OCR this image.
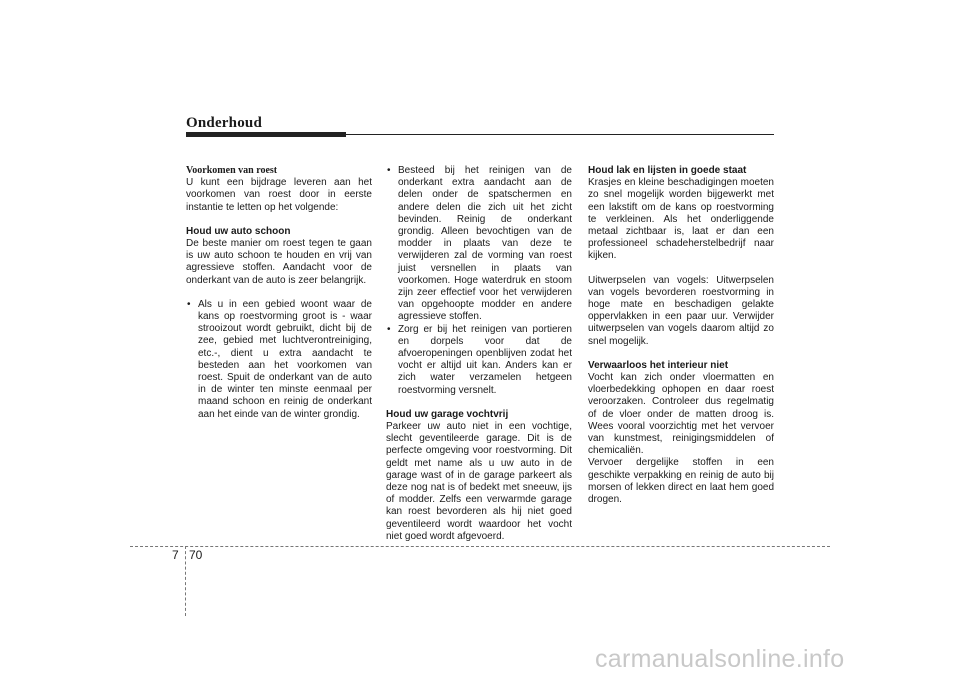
Onderhoud

Voorkomen van roest

U kunt een bijdrage leveren aan het voorkomen van roest door in eerste instantie te letten op het volgende:

Houd uw auto schoon

De beste manier om roest tegen te gaan is uw auto schoon te houden en vrij van agressieve stoffen. Aandacht voor de onderkant van de auto is zeer belangrijk.

• Als u in een gebied woont waar de kans op roestvorming groot is - waar strooizout wordt gebruikt, dicht bij de zee, gebied met luchtverontreiniging, etc.-, dient u extra aandacht te besteden aan het voorkomen van roest. Spuit de onderkant van de auto in de winter ten minste eenmaal per maand schoon en reinig de onderkant aan het einde van de winter grondig.
• Besteed bij het reinigen van de onderkant extra aandacht aan de delen onder de spatschermen en andere delen die zich uit het zicht bevinden. Reinig de onderkant grondig. Alleen bevochtigen van de modder in plaats van deze te verwijderen zal de vorming van roest juist versnellen in plaats van voorkomen. Hoge waterdruk en stoom zijn zeer effectief voor het verwijderen van opgehoopte modder en andere agressieve stoffen.
• Zorg er bij het reinigen van portieren en dorpels voor dat de afvoeropeningen openblijven zodat het vocht er altijd uit kan. Anders kan er zich water verzamelen hetgeen roestvorming versnelt.

Houd uw garage vochtvrij

Parkeer uw auto niet in een vochtige, slecht geventileerde garage. Dit is de perfecte omgeving voor roestvorming. Dit geldt met name als u uw auto in de garage wast of in de garage parkeert als deze nog nat is of bedekt met sneeuw, ijs of modder. Zelfs een verwarmde garage kan roest bevorderen als hij niet goed geventileerd wordt waardoor het vocht niet goed wordt afgevoerd.

Houd lak en lijsten in goede staat

Krasjes en kleine beschadigingen moeten zo snel mogelijk worden bijgewerkt met een lakstift om de kans op roestvorming te verkleinen. Als het onderliggende metaal zichtbaar is, laat er dan een professioneel schadeherstelbedrijf naar kijken.

Uitwerpselen van vogels: Uitwerpselen van vogels bevorderen roestvorming in hoge mate en beschadigen gelakte oppervlakken in een paar uur. Verwijder uitwerpselen van vogels daarom altijd zo snel mogelijk.

Verwaarloos het interieur niet

Vocht kan zich onder vloermatten en vloerbedekking ophopen en daar roest veroorzaken. Controleer dus regelmatig of de vloer onder de matten droog is. Wees vooral voorzichtig met het vervoer van kunstmest, reinigingsmiddelen of chemicaliën.

Vervoer dergelijke stoffen in een geschikte verpakking en reinig de auto bij morsen of lekken direct en laat hem goed drogen.

7 70
carmanualsonline.info
